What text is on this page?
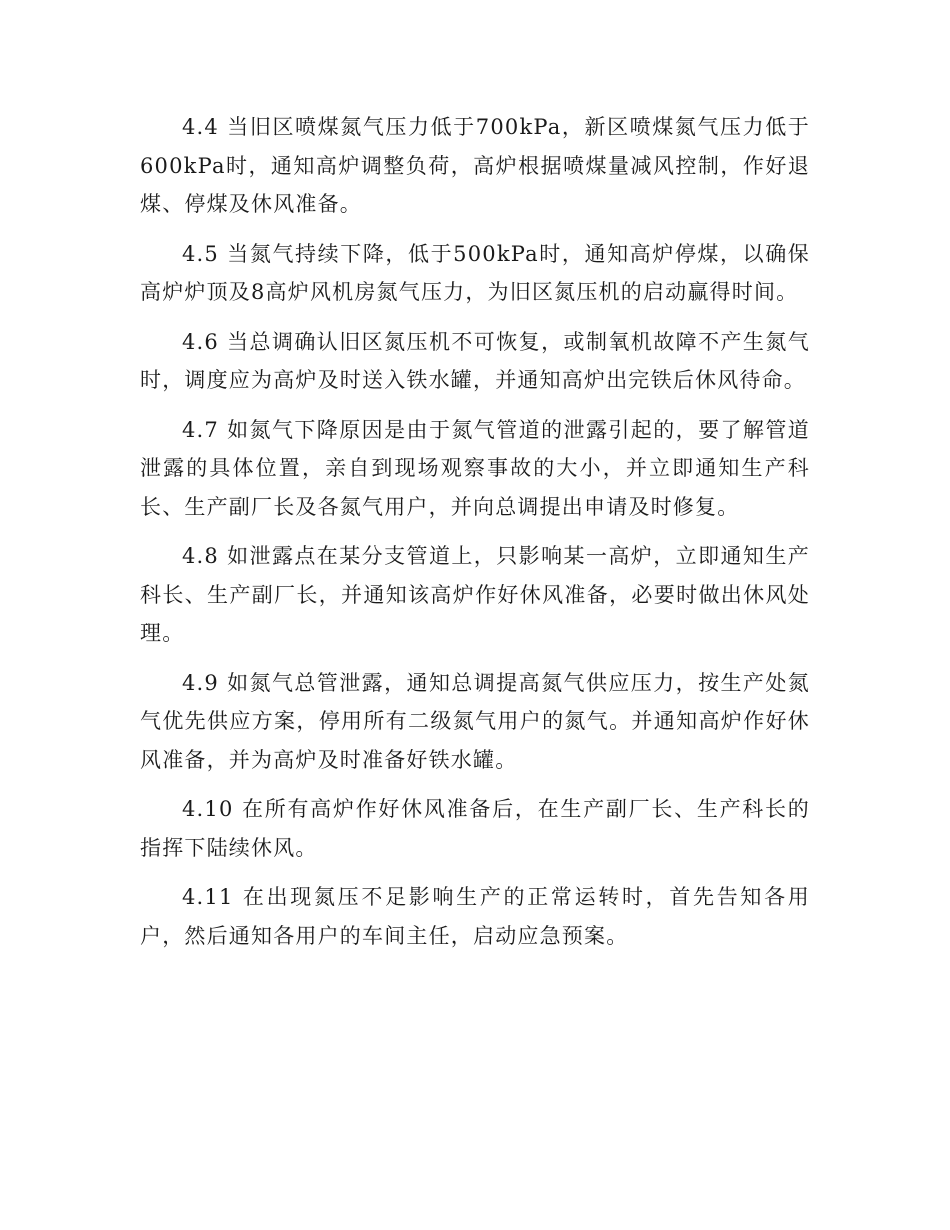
4.4 当旧区喷煤氮气压力低于700kPa，新区喷煤氮气压力低于600kPa时，通知高炉调整负荷，高炉根据喷煤量减风控制，作好退煤、停煤及休风准备。

4.5 当氮气持续下降，低于500kPa时，通知高炉停煤，以确保高炉炉顶及8高炉风机房氮气压力，为旧区氮压机的启动赢得时间。

4.6 当总调确认旧区氮压机不可恢复，或制氧机故障不产生氮气时，调度应为高炉及时送入铁水罐，并通知高炉出完铁后休风待命。

4.7 如氮气下降原因是由于氮气管道的泄露引起的，要了解管道泄露的具体位置，亲自到现场观察事故的大小，并立即通知生产科长、生产副厂长及各氮气用户，并向总调提出申请及时修复。

4.8 如泄露点在某分支管道上，只影响某一高炉，立即通知生产科长、生产副厂长，并通知该高炉作好休风准备，必要时做出休风处理。

4.9 如氮气总管泄露，通知总调提高氮气供应压力，按生产处氮气优先供应方案，停用所有二级氮气用户的氮气。并通知高炉作好休风准备，并为高炉及时准备好铁水罐。

4.10 在所有高炉作好休风准备后，在生产副厂长、生产科长的指挥下陆续休风。

4.11 在出现氮压不足影响生产的正常运转时，首先告知各用户，然后通知各用户的车间主任，启动应急预案。
